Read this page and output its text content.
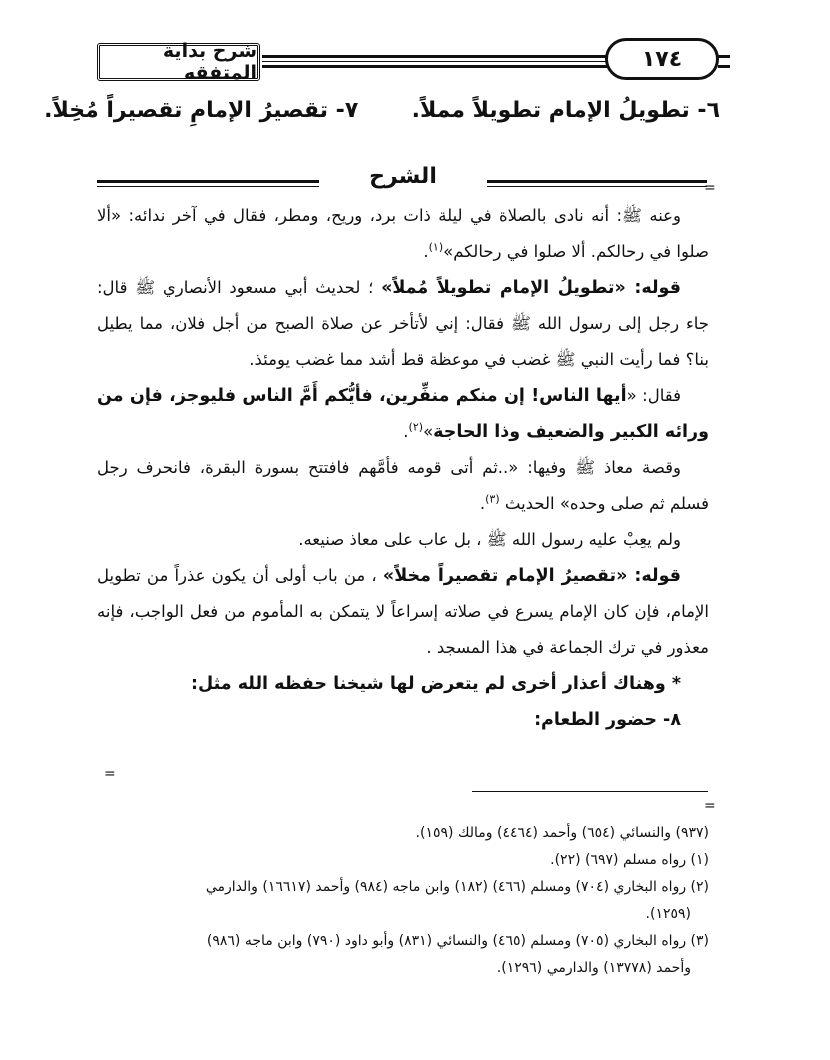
شرح بداية المتفقه
١٧٤
٦- تطويلُ الإمام تطويلاً مملاً.  ٧- تقصيرُ الإمامِ تقصيراً مُخِلاً.
الشرح	=

وعنه ﷺ: أنه نادى بالصلاة في ليلة ذات برد، وريح، ومطر، فقال في آخر ندائه: «ألا صلوا في رحالكم. ألا صلوا في رحالكم»$^{(١)}$.

قوله: «تطويلُ الإمام تطويلاً مُملاً» ؛ لحديث أبي مسعود الأنصاري ﷺ قال: جاء رجل إلى رسول الله ﷺ فقال: إني لأتأخر عن صلاة الصبح من أجل فلان، مما يطيل بنا؟ فما رأيت النبي ﷺ غضب في موعظة قط أشد مما غضب يومئذ.

فقال: «أيها الناس! إن منكم منفِّرين، فأيُّكم أَمَّ الناس فليوجز، فإن من ورائه الكبير والضعيف وذا الحاجة»$^{(٢)}$.

وقصة معاذ ﷺ وفيها: «..ثم أتى قومه فأمَّهم فافتتح بسورة البقرة، فانحرف رجل فسلم ثم صلى وحده» الحديث $^{(٣)}$.

ولم يعِبْ عليه رسول الله ﷺ ، بل عاب على معاذ صنيعه.

قوله: «تقصيرُ الإمام تقصيراً مخلاً» ، من باب أولى أن يكون عذراً من تطويل الإمام، فإن كان الإمام يسرع في صلاته إسراعاً لا يتمكن به المأموم من فعل الواجب، فإنه معذور في ترك الجماعة في هذا المسجد .

* وهناك أعذار أخرى لم يتعرض لها شيخنا حفظه الله مثل:

٨- حضور الطعام:

=
=

(٩٣٧) والنسائي (٦٥٤) وأحمد (٤٤٦٤) ومالك (١٥٩).

(١) رواه مسلم (٦٩٧) (٢٢).

(٢) رواه البخاري (٧٠٤) ومسلم (٤٦٦) (١٨٢) وابن ماجه (٩٨٤) وأحمد (١٦٦١٧) والدارمي

(١٢٥٩).

(٣) رواه البخاري (٧٠٥) ومسلم (٤٦٥) والنسائي (٨٣١) وأبو داود (٧٩٠) وابن ماجه (٩٨٦)

وأحمد (١٣٧٧٨) والدارمي (١٢٩٦).
